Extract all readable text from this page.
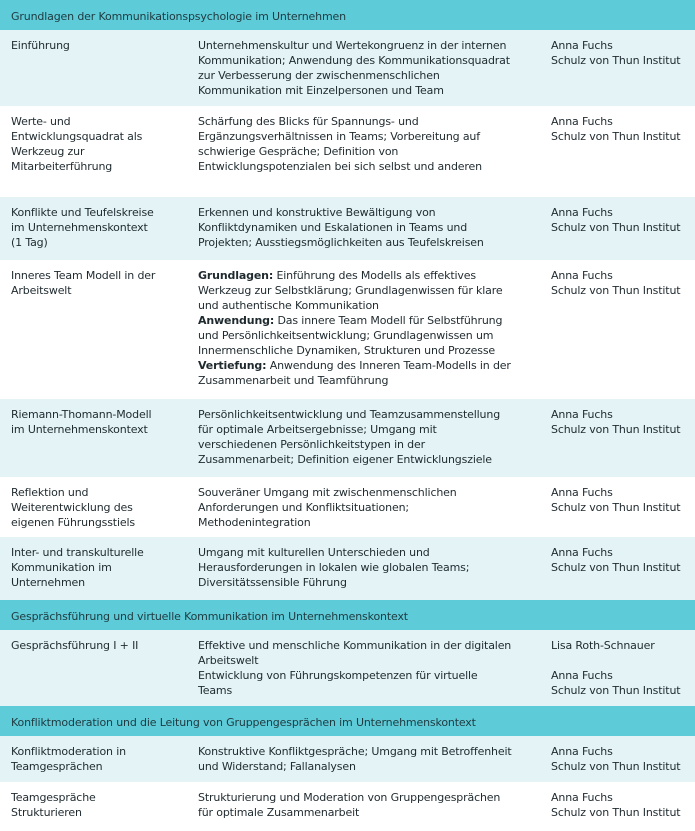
Grundlagen der Kommunikationspsychologie im Unternehmen
Einführung	Unternehmenskultur und Wertekongruenz in der internen
Kommunikation; Anwendung des Kommunikationsquadrat
zur Verbesserung der zwischenmenschlichen
Kommunikation mit Einzelpersonen und Team
Anna Fuchs
Schulz von Thun Institut
Werte- und
Entwicklungsquadrat als
Werkzeug zur
Mitarbeiterführung
Schärfung des Blicks für Spannungs- und
Ergänzungsverhältnissen in Teams; Vorbereitung auf
schwierige Gespräche; Definition von
Entwicklungspotenzialen bei sich selbst und anderen
Anna Fuchs
Schulz von Thun Institut
Konflikte und Teufelskreise
im Unternehmenskontext
(1 Tag)
Erkennen und konstruktive Bewältigung von
Konfliktdynamiken und Eskalationen in Teams und
Projekten; Ausstiegsmöglichkeiten aus Teufelskreisen
Anna Fuchs
Schulz von Thun Institut
Inneres Team Modell in der
Arbeitswelt
Grundlagen: Einführung des Modells als effektives
Werkzeug zur Selbstklärung; Grundlagenwissen für klare
und authentische Kommunikation
Anwendung: Das innere Team Modell für Selbstführung
und Persönlichkeitsentwicklung; Grundlagenwissen um
Innermenschliche Dynamiken, Strukturen und Prozesse
Vertiefung: Anwendung des Inneren Team-Modells in der
Zusammenarbeit und Teamführung
Anna Fuchs
Schulz von Thun Institut
Riemann-Thomann-Modell
im Unternehmenskontext
Persönlichkeitsentwicklung und Teamzusammenstellung
für optimale Arbeitsergebnisse; Umgang mit
verschiedenen Persönlichkeitstypen in der
Zusammenarbeit; Definition eigener Entwicklungsziele
Anna Fuchs
Schulz von Thun Institut
Reflektion und
Weiterentwicklung des
eigenen Führungsstiels
Souveräner Umgang mit zwischenmenschlichen
Anforderungen und Konfliktsituationen;
Methodenintegration
Anna Fuchs
Schulz von Thun Institut
Inter- und transkulturelle
Kommunikation im
Unternehmen
Umgang mit kulturellen Unterschieden und
Herausforderungen in lokalen wie globalen Teams;
Diversitätssensible Führung
Anna Fuchs
Schulz von Thun Institut
Gesprächsführung und virtuelle Kommunikation im Unternehmenskontext
Gesprächsführung I + II	Effektive und menschliche Kommunikation in der digitalen
Arbeitswelt
Entwicklung von Führungskompetenzen für virtuelle
Teams
Lisa Roth-Schnauer
Anna Fuchs
Schulz von Thun Institut
Konfliktmoderation und die Leitung von Gruppengesprächen im Unternehmenskontext
Konfliktmoderation in
Teamgesprächen
Konstruktive Konfliktgespräche; Umgang mit Betroffenheit
und Widerstand; Fallanalysen
Anna Fuchs
Schulz von Thun Institut
Teamgespräche
Strukturieren
Strukturierung und Moderation von Gruppengesprächen
für optimale Zusammenarbeit
Anna Fuchs
Schulz von Thun Institut
